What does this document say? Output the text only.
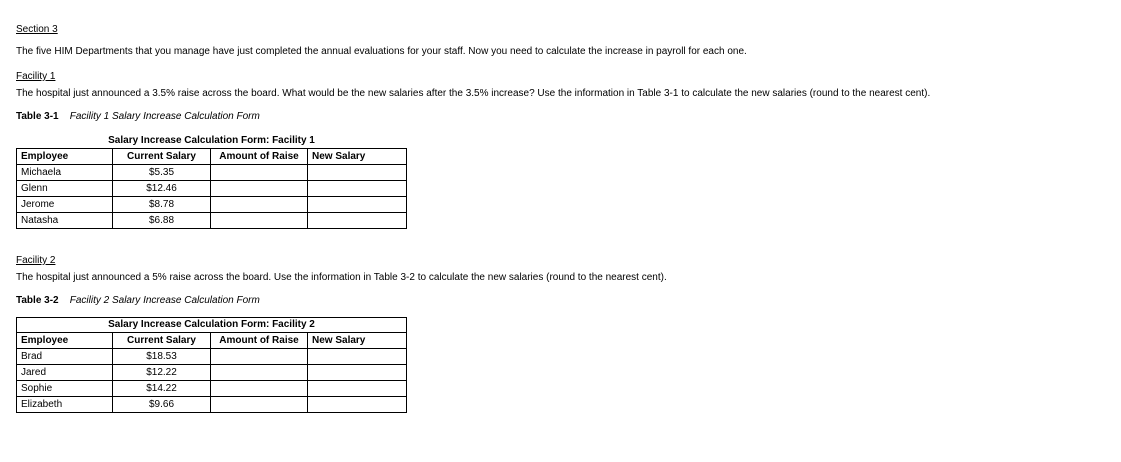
Section 3
The five HIM Departments that you manage have just completed the annual evaluations for your staff. Now you need to calculate the increase in payroll for each one.
Facility 1
The hospital just announced a 3.5% raise across the board. What would be the new salaries after the 3.5% increase? Use the information in Table 3-1 to calculate the new salaries (round to the nearest cent).
Table 3-1 Facility 1 Salary Increase Calculation Form
Salary Increase Calculation Form: Facility 1			
Employee	Current Salary	Amount of Raise	New Salary
Michaela	$5.35		
Glenn	$12.46		
Jerome	$8.78		
Natasha	$6.88		
Facility 2
The hospital just announced a 5% raise across the board. Use the information in Table 3-2 to calculate the new salaries (round to the nearest cent).
Table 3-2 Facility 2 Salary Increase Calculation Form
Salary Increase Calculation Form: Facility 2			
Employee	Current Salary	Amount of Raise	New Salary
Brad	$18.53		
Jared	$12.22		
Sophie	$14.22		
Elizabeth	$9.66		
